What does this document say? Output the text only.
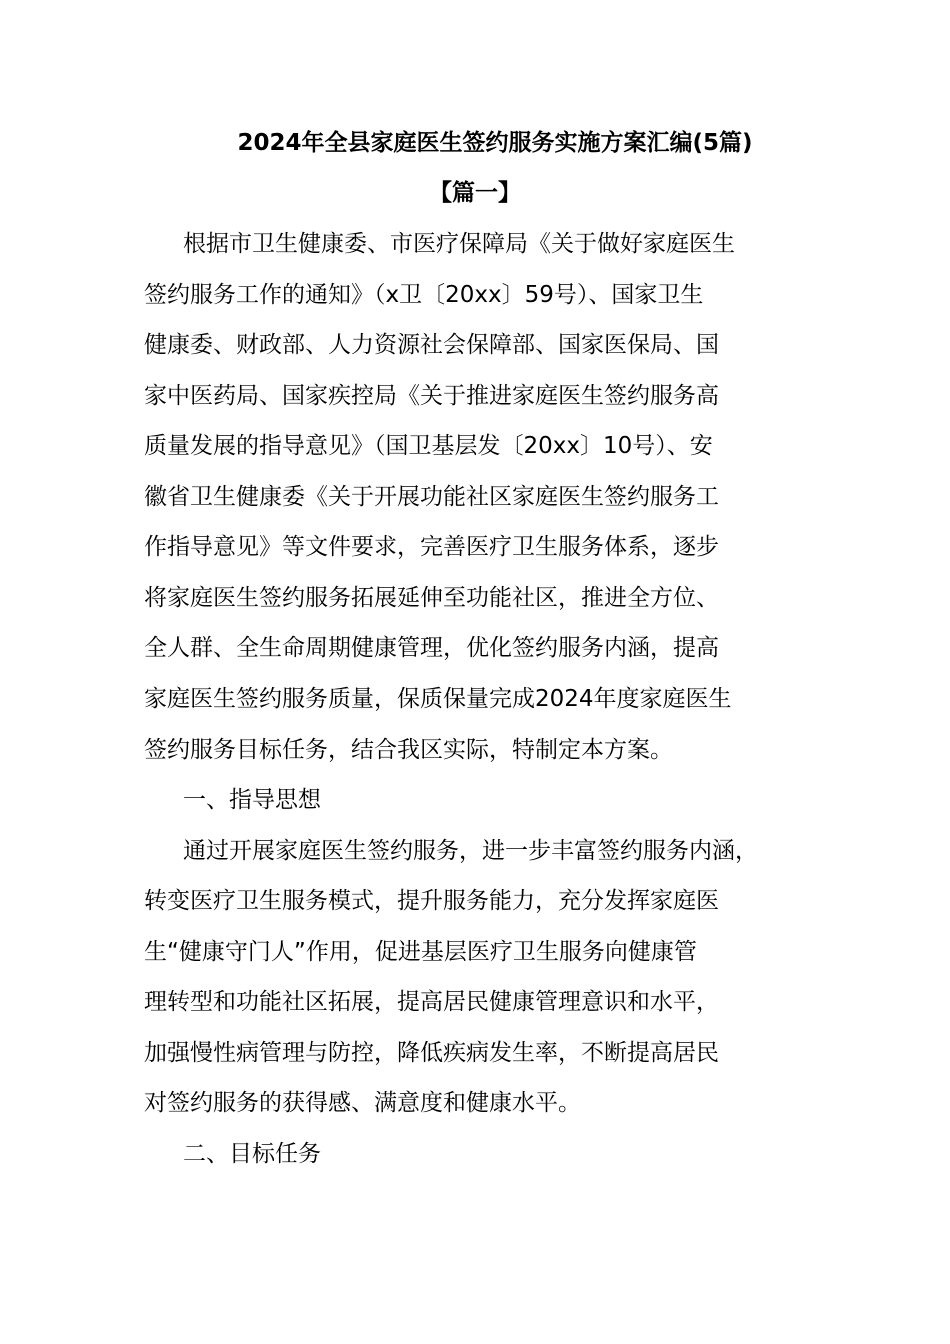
2024年全县家庭医生签约服务实施方案汇编(5篇)
【篇一】
根据市卫生健康委、市医疗保障局《关于做好家庭医生
签约服务工作的通知》（x卫〔20xx〕59号）、国家卫生
健康委、财政部、人力资源社会保障部、国家医保局、国
家中医药局、国家疾控局《关于推进家庭医生签约服务高
质量发展的指导意见》（国卫基层发〔20xx〕10号）、安
徽省卫生健康委《关于开展功能社区家庭医生签约服务工
作指导意见》等文件要求，完善医疗卫生服务体系，逐步
将家庭医生签约服务拓展延伸至功能社区，推进全方位、
全人群、全生命周期健康管理，优化签约服务内涵，提高
家庭医生签约服务质量，保质保量完成2024年度家庭医生
签约服务目标任务，结合我区实际，特制定本方案。
一、指导思想
通过开展家庭医生签约服务，进一步丰富签约服务内涵，
转变医疗卫生服务模式，提升服务能力，充分发挥家庭医
生“健康守门人”作用，促进基层医疗卫生服务向健康管
理转型和功能社区拓展，提高居民健康管理意识和水平，
加强慢性病管理与防控，降低疾病发生率，不断提高居民
对签约服务的获得感、满意度和健康水平。
二、目标任务
